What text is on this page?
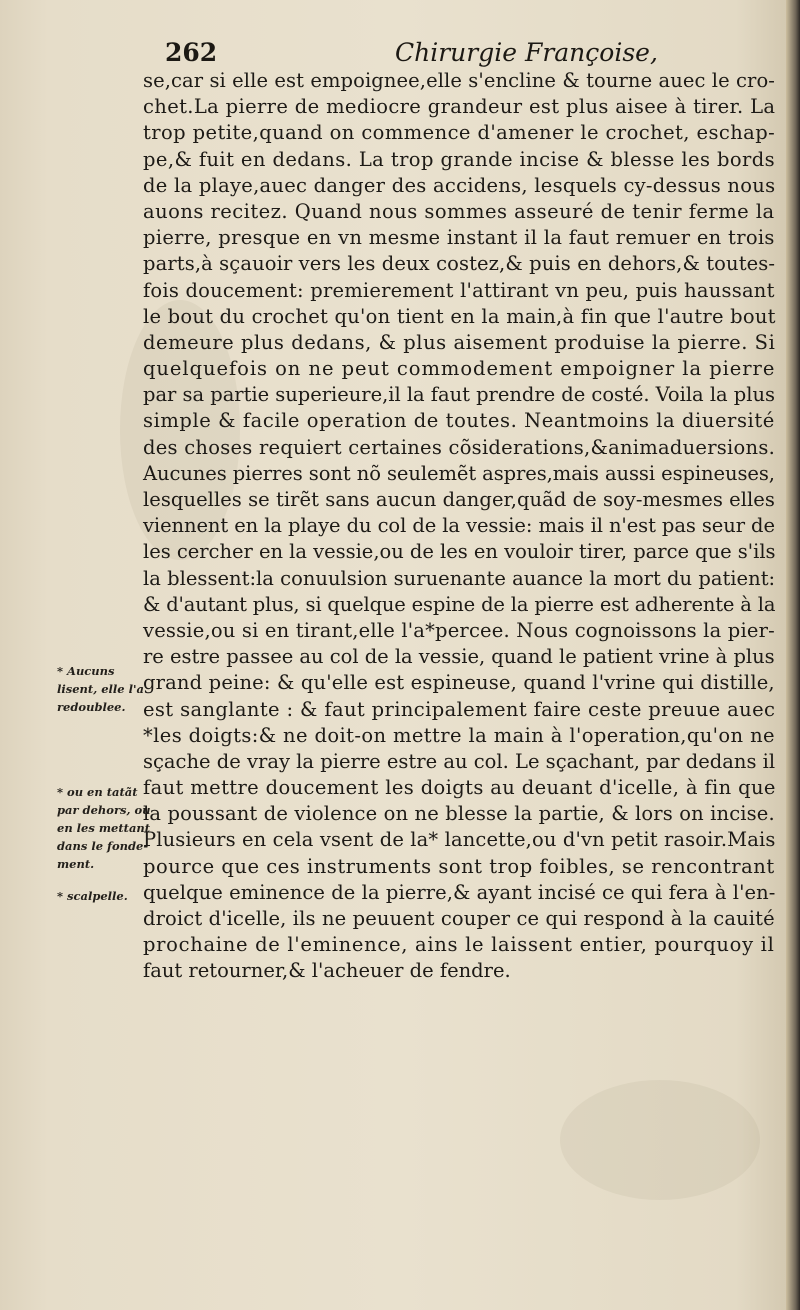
262	Chirurgie Françoise,
se,car si elle est empoignee,elle s'encline & tourne auec le cro-
chet.La pierre de mediocre grandeur est plus aisee à tirer. La
trop petite,quand on commence d'amener le crochet, eschap-
pe,& fuit en dedans. La trop grande incise & blesse les bords
de la playe,auec danger des accidens, lesquels cy-dessus nous
auons recitez. Quand nous sommes asseuré de tenir ferme la
pierre, presque en vn mesme instant il la faut remuer en trois
parts,à sçauoir vers les deux costez,& puis en dehors,& toutes-
fois doucement: premierement l'attirant vn peu, puis haussant
le bout du crochet qu'on tient en la main,à fin que l'autre bout
demeure plus dedans, & plus aisement produise la pierre. Si
quelquefois on ne peut commodement empoigner la pierre
par sa partie superieure,il la faut prendre de costé. Voila la plus
simple & facile operation de toutes. Neantmoins la diuersité
des choses requiert certaines cõsiderations,&animaduersions.
Aucunes pierres sont nõ seulemẽt aspres,mais aussi espineuses,
lesquelles se tirẽt sans aucun danger,quãd de soy-mesmes elles
viennent en la playe du col de la vessie: mais il n'est pas seur de
les cercher en la vessie,ou de les en vouloir tirer, parce que s'ils
la blessent:la conuulsion suruenante auance la mort du patient:
& d'autant plus, si quelque espine de la pierre est adherente à la
vessie,ou si en tirant,elle l'a*percee. Nous cognoissons la pier-
re estre passee au col de la vessie, quand le patient vrine à plus
grand peine: & qu'elle est espineuse, quand l'vrine qui distille,
est sanglante : & faut principalement faire ceste preuue auec
*les doigts:& ne doit-on mettre la main à l'operation,qu'on ne
sçache de vray la pierre estre au col. Le sçachant, par dedans il
faut mettre doucement les doigts au deuant d'icelle, à fin que
la poussant de violence on ne blesse la partie, & lors on incise.
Plusieurs en cela vsent de la* lancette,ou d'vn petit rasoir.Mais
pource que ces instruments sont trop foibles, se rencontrant
quelque eminence de la pierre,& ayant incisé ce qui fera à l'en-
droict d'icelle, ils ne peuuent couper ce qui respond à la cauité
prochaine de l'eminence, ains le laissent entier, pourquoy il
faut retourner,& l'acheuer de fendre.
* Aucuns
lisent, elle l'a
redoublee.
* ou en tatãt
par dehors, ou
en les mettant
dans le fonde-
ment.
* scalpelle.
